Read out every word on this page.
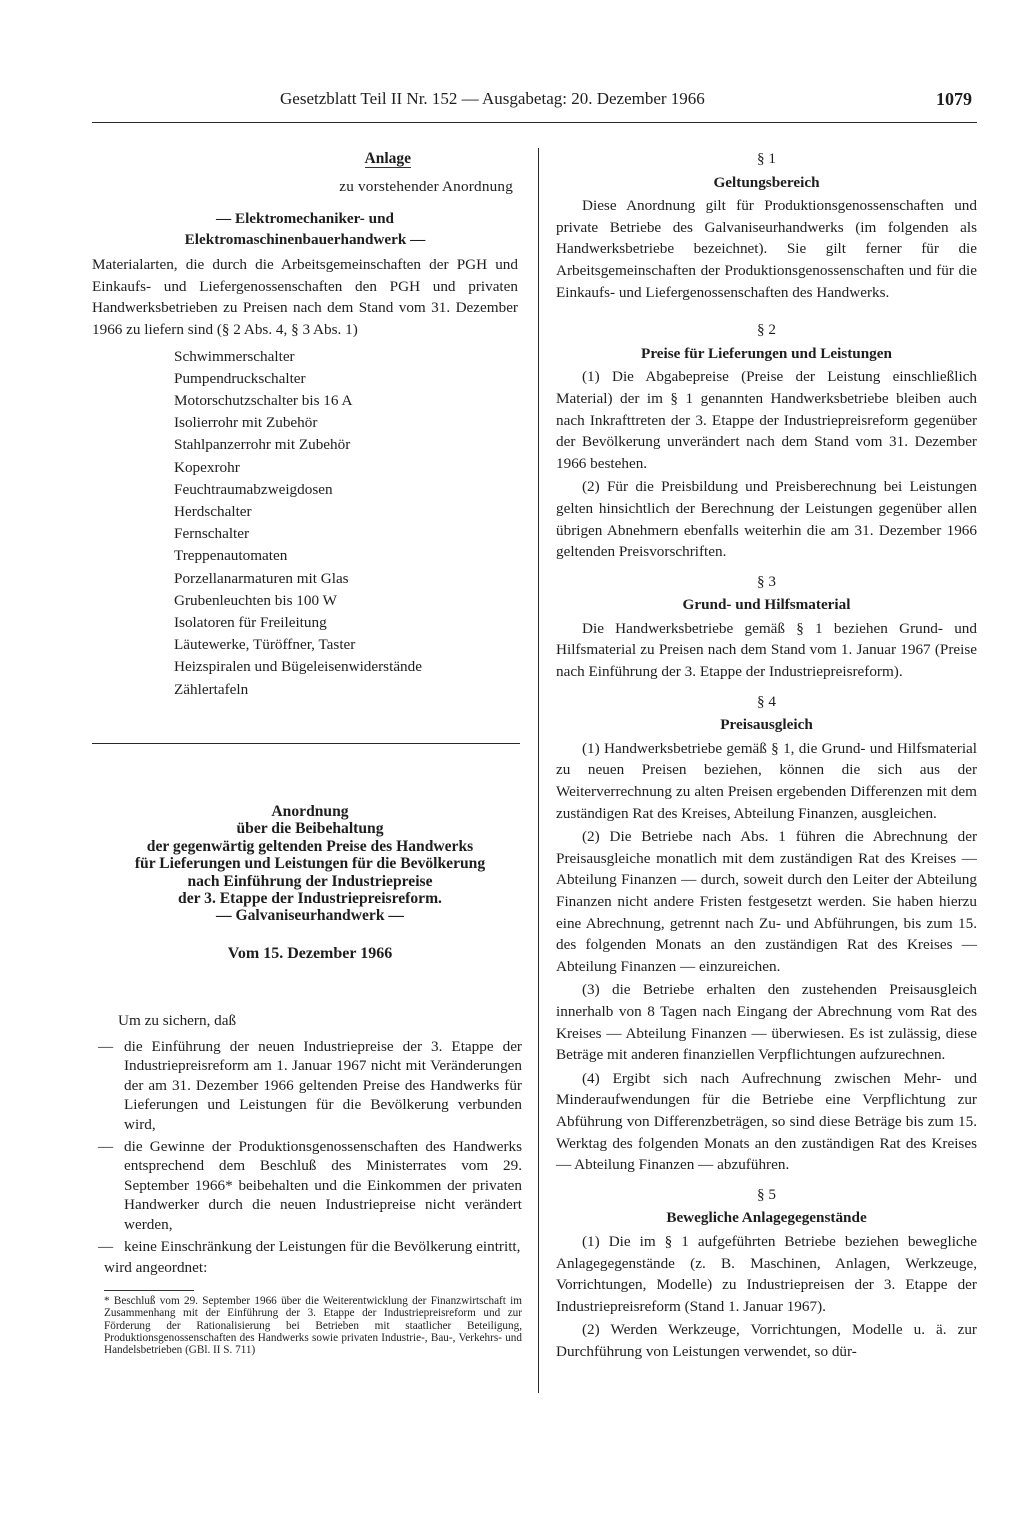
Gesetzblatt Teil II Nr. 152 — Ausgabetag: 20. Dezember 1966	1079
Anlage
zu vorstehender Anordnung
— Elektromechaniker- und
Elektromaschinenbauerhandwerk —
Materialarten, die durch die Arbeitsgemeinschaften der PGH und Einkaufs- und Liefergenossenschaften den PGH und privaten Handwerksbetrieben zu Preisen nach dem Stand vom 31. Dezember 1966 zu liefern sind (§ 2 Abs. 4, § 3 Abs. 1)
Schwimmerschalter
Pumpendruckschalter
Motorschutzschalter bis 16 A
Isolierrohr mit Zubehör
Stahlpanzerrohr mit Zubehör
Kopexrohr
Feuchtraumabzweigdosen
Herdschalter
Fernschalter
Treppenautomaten
Porzellanarmaturen mit Glas
Grubenleuchten bis 100 W
Isolatoren für Freileitung
Läutewerke, Türöffner, Taster
Heizspiralen und Bügeleisenwiderstände
Zählertafeln
Anordnung
über die Beibehaltung
der gegenwärtig geltenden Preise des Handwerks
für Lieferungen und Leistungen für die Bevölkerung
nach Einführung der Industriepreise
der 3. Etappe der Industriepreisreform.
— Galvaniseurhandwerk —
Vom 15. Dezember 1966
Um zu sichern, daß
— die Einführung der neuen Industriepreise der 3. Etappe der Industriepreisreform am 1. Januar 1967 nicht mit Veränderungen der am 31. Dezember 1966 geltenden Preise des Handwerks für Lieferungen und Leistungen für die Bevölkerung verbunden wird,
— die Gewinne der Produktionsgenossenschaften des Handwerks entsprechend dem Beschluß des Ministerrates vom 29. September 1966* beibehalten und die Einkommen der privaten Handwerker durch die neuen Industriepreise nicht verändert werden,
— keine Einschränkung der Leistungen für die Bevölkerung eintritt,
wird angeordnet:
* Beschluß vom 29. September 1966 über die Weiterentwicklung der Finanzwirtschaft im Zusammenhang mit der Einführung der 3. Etappe der Industriepreisreform und zur Förderung der Rationalisierung bei Betrieben mit staatlicher Beteiligung, Produktionsgenossenschaften des Handwerks sowie privaten Industrie-, Bau-, Verkehrs- und Handelsbetrieben (GBl. II S. 711)
§ 1
Geltungsbereich

Diese Anordnung gilt für Produktionsgenossenschaften und private Betriebe des Galvaniseurhandwerks (im folgenden als Handwerksbetriebe bezeichnet). Sie gilt ferner für die Arbeitsgemeinschaften der Produktionsgenossenschaften und für die Einkaufs- und Liefergenossenschaften des Handwerks.

§ 2
Preise für Lieferungen und Leistungen

(1) Die Abgabepreise (Preise der Leistung einschließlich Material) der im § 1 genannten Handwerksbetriebe bleiben auch nach Inkrafttreten der 3. Etappe der Industriepreisreform gegenüber der Bevölkerung unverändert nach dem Stand vom 31. Dezember 1966 bestehen.

(2) Für die Preisbildung und Preisberechnung bei Leistungen gelten hinsichtlich der Berechnung der Leistungen gegenüber allen übrigen Abnehmern ebenfalls weiterhin die am 31. Dezember 1966 geltenden Preisvorschriften.

§ 3
Grund- und Hilfsmaterial

Die Handwerksbetriebe gemäß § 1 beziehen Grund- und Hilfsmaterial zu Preisen nach dem Stand vom 1. Januar 1967 (Preise nach Einführung der 3. Etappe der Industriepreisreform).

§ 4
Preisausgleich

(1) Handwerksbetriebe gemäß § 1, die Grund- und Hilfsmaterial zu neuen Preisen beziehen, können die sich aus der Weiterverrechnung zu alten Preisen ergebenden Differenzen mit dem zuständigen Rat des Kreises, Abteilung Finanzen, ausgleichen.

(2) Die Betriebe nach Abs. 1 führen die Abrechnung der Preisausgleiche monatlich mit dem zuständigen Rat des Kreises — Abteilung Finanzen — durch, soweit durch den Leiter der Abteilung Finanzen nicht andere Fristen festgesetzt werden. Sie haben hierzu eine Abrechnung, getrennt nach Zu- und Abführungen, bis zum 15. des folgenden Monats an den zuständigen Rat des Kreises — Abteilung Finanzen — einzureichen.

(3) die Betriebe erhalten den zustehenden Preisausgleich innerhalb von 8 Tagen nach Eingang der Abrechnung vom Rat des Kreises — Abteilung Finanzen — überwiesen. Es ist zulässig, diese Beträge mit anderen finanziellen Verpflichtungen aufzurechnen.

(4) Ergibt sich nach Aufrechnung zwischen Mehr- und Minderaufwendungen für die Betriebe eine Verpflichtung zur Abführung von Differenzbeträgen, so sind diese Beträge bis zum 15. Werktag des folgenden Monats an den zuständigen Rat des Kreises — Abteilung Finanzen — abzuführen.

§ 5
Bewegliche Anlagegegenstände

(1) Die im § 1 aufgeführten Betriebe beziehen bewegliche Anlagegegenstände (z. B. Maschinen, Anlagen, Werkzeuge, Vorrichtungen, Modelle) zu Industriepreisen der 3. Etappe der Industriepreisreform (Stand 1. Januar 1967).

(2) Werden Werkzeuge, Vorrichtungen, Modelle u. ä. zur Durchführung von Leistungen verwendet, so dür-
